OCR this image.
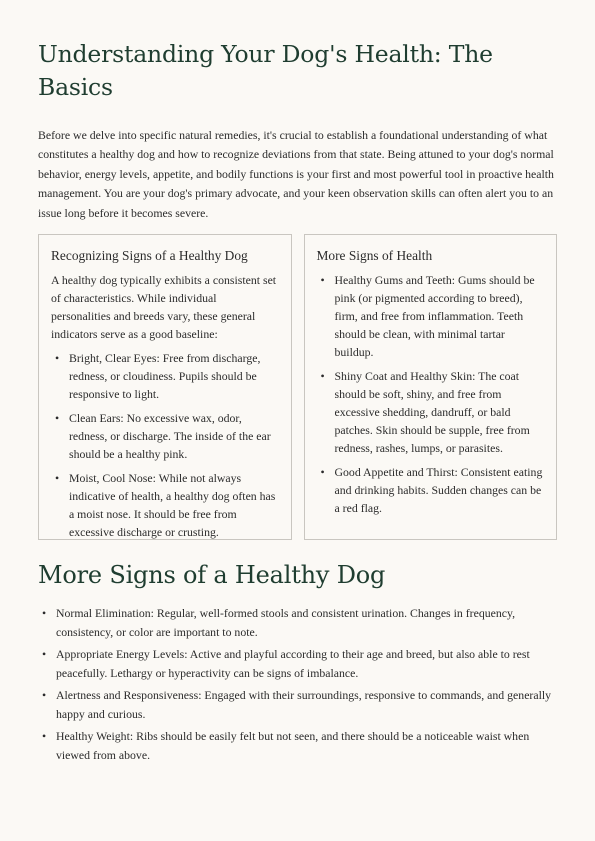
Understanding Your Dog's Health: The Basics

Before we delve into specific natural remedies, it's crucial to establish a foundational understanding of what constitutes a healthy dog and how to recognize deviations from that state. Being attuned to your dog's normal behavior, energy levels, appetite, and bodily functions is your first and most powerful tool in proactive health management. You are your dog's primary advocate, and your keen observation skills can often alert you to an issue long before it becomes severe.

Recognizing Signs of a Healthy Dog

A healthy dog typically exhibits a consistent set of characteristics. While individual personalities and breeds vary, these general indicators serve as a good baseline:

• Bright, Clear Eyes: Free from discharge, redness, or cloudiness. Pupils should be responsive to light.
• Clean Ears: No excessive wax, odor, redness, or discharge. The inside of the ear should be a healthy pink.
• Moist, Cool Nose: While not always indicative of health, a healthy dog often has a moist nose. It should be free from excessive discharge or crusting.
More Signs of Health
• Healthy Gums and Teeth: Gums should be pink (or pigmented according to breed), firm, and free from inflammation. Teeth should be clean, with minimal tartar buildup.
• Shiny Coat and Healthy Skin: The coat should be soft, shiny, and free from excessive shedding, dandruff, or bald patches. Skin should be supple, free from redness, rashes, lumps, or parasites.
• Good Appetite and Thirst: Consistent eating and drinking habits. Sudden changes can be a red flag.
More Signs of a Healthy Dog
• Normal Elimination: Regular, well-formed stools and consistent urination. Changes in frequency, consistency, or color are important to note.
• Appropriate Energy Levels: Active and playful according to their age and breed, but also able to rest peacefully. Lethargy or hyperactivity can be signs of imbalance.
• Alertness and Responsiveness: Engaged with their surroundings, responsive to commands, and generally happy and curious.
• Healthy Weight: Ribs should be easily felt but not seen, and there should be a noticeable waist when viewed from above.
